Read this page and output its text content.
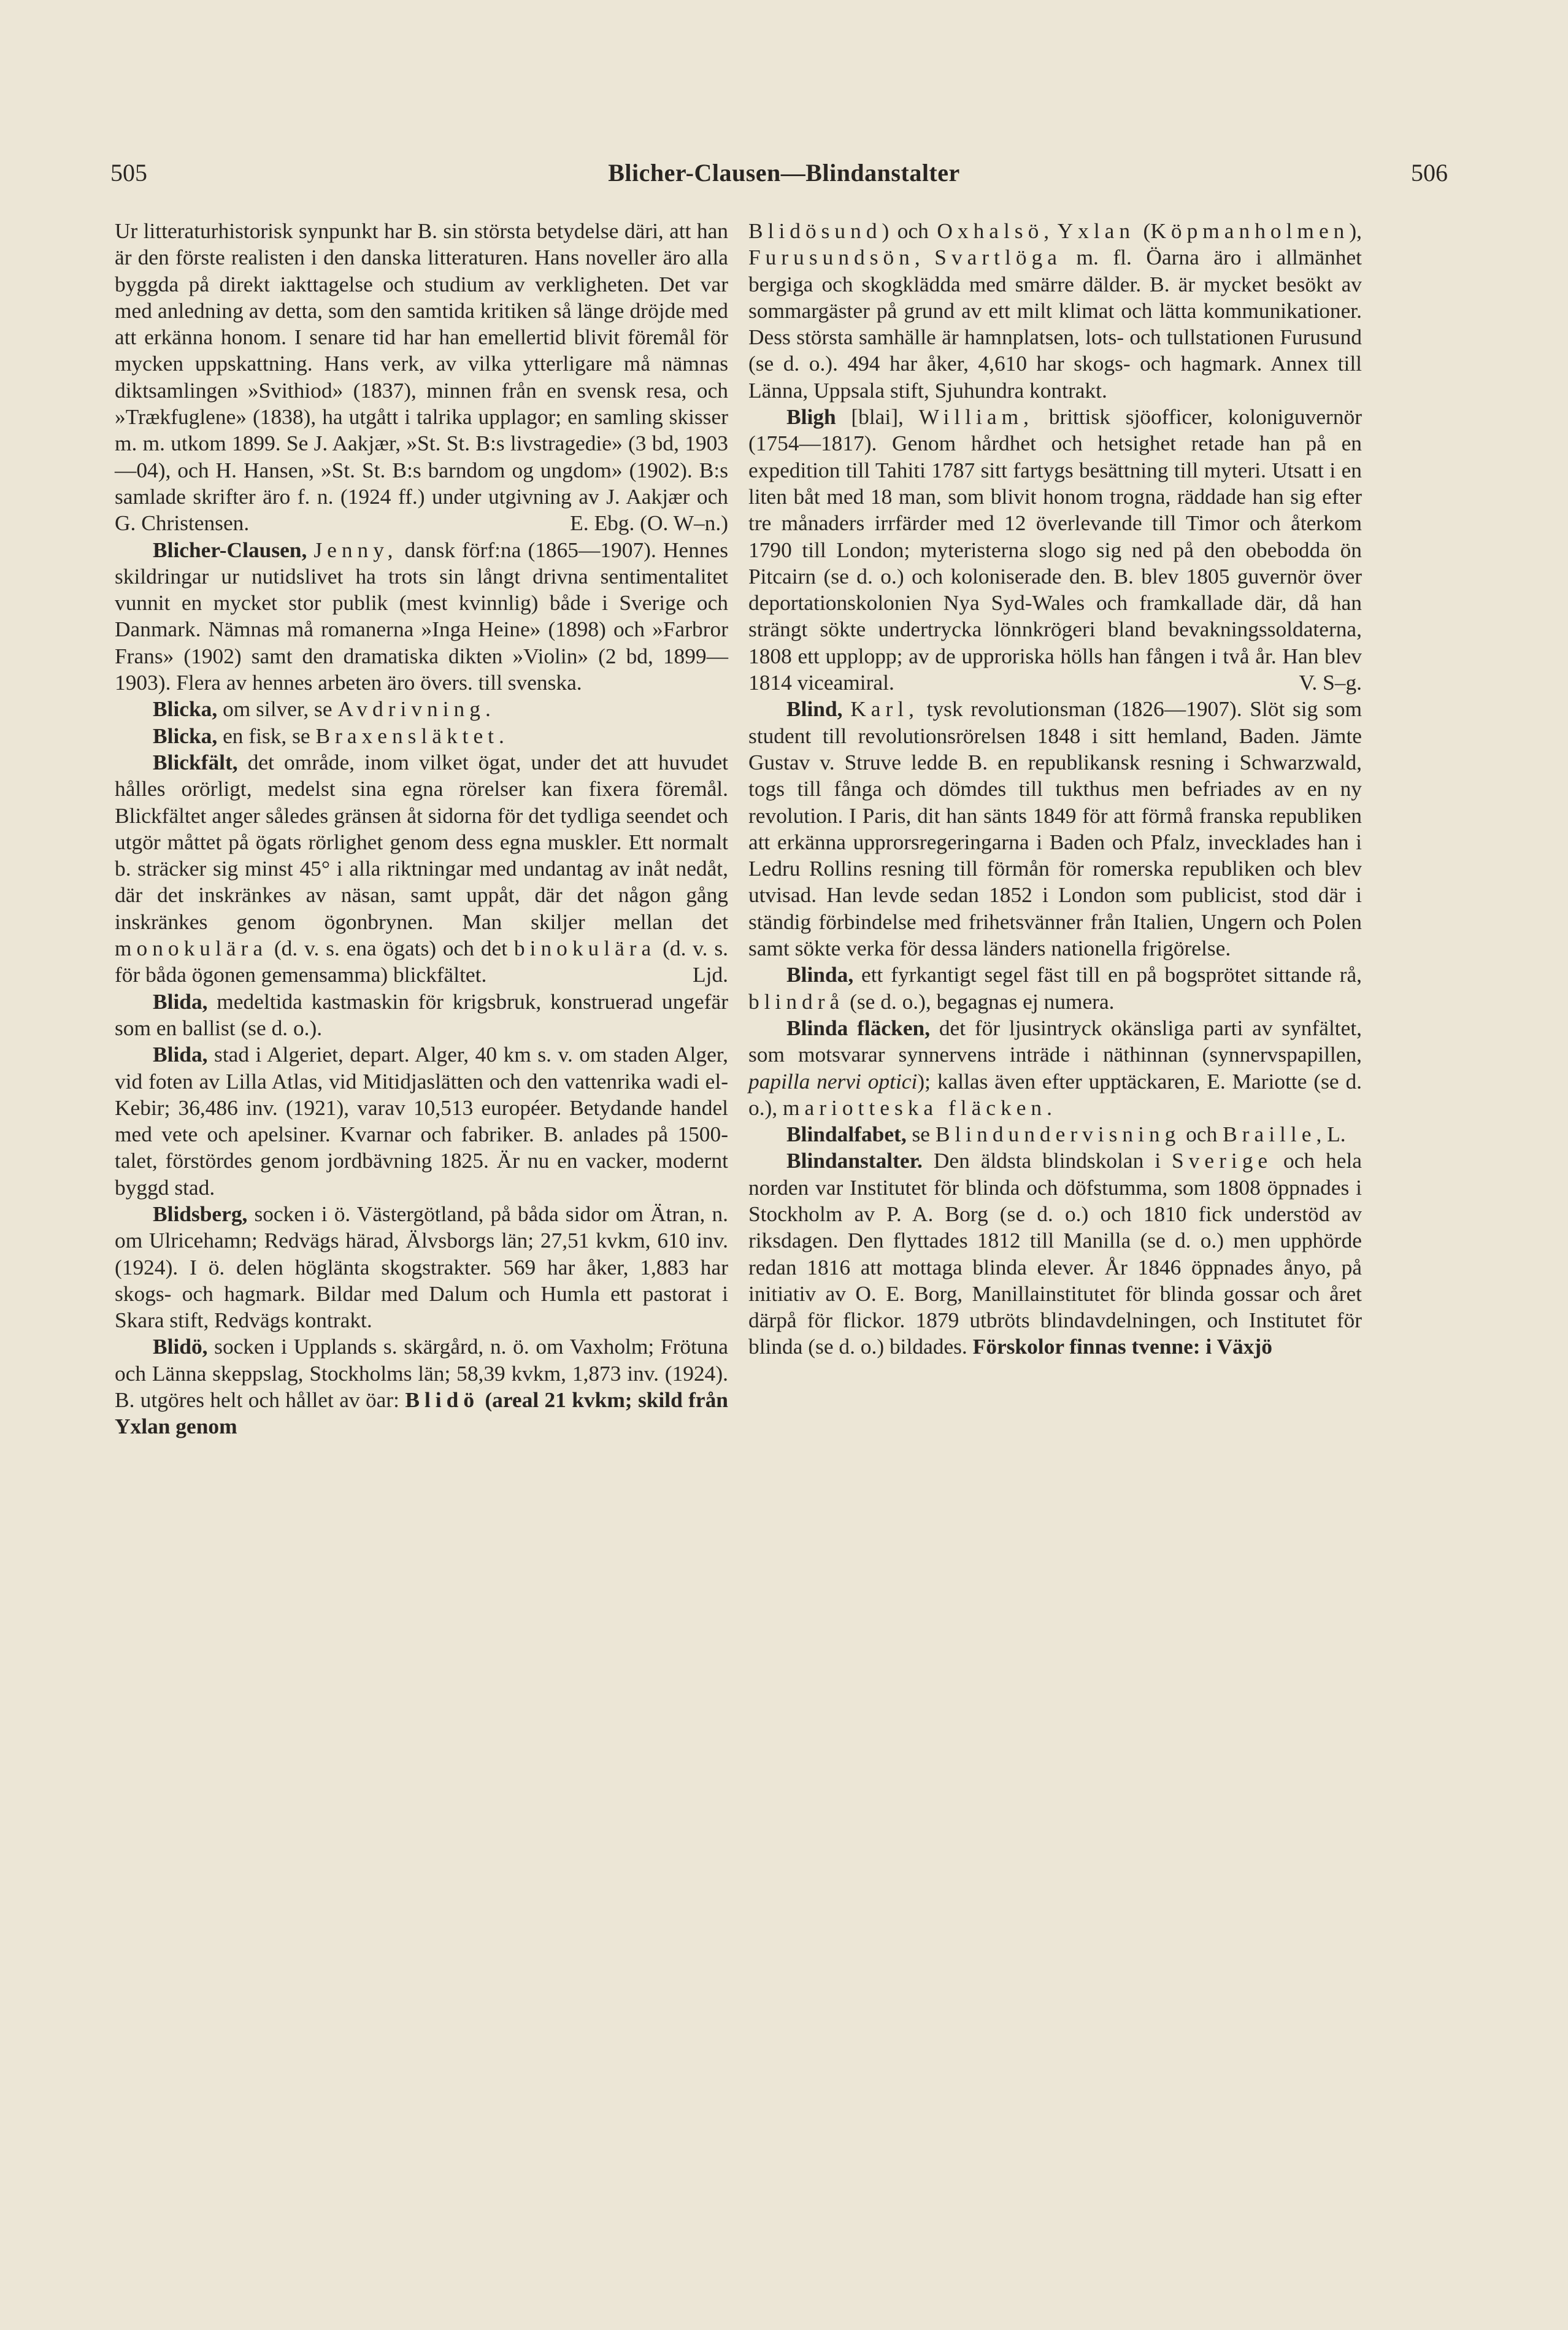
505	Blicher-Clausen—Blindanstalter	506

Ur litteraturhistorisk synpunkt har B. sin största betydelse däri, att han är den förste realisten i den danska litteraturen. Hans noveller äro alla byggda på direkt iakttagelse och studium av verkligheten. Det var med anledning av detta, som den samtida kritiken så länge dröjde med att erkänna honom. I senare tid har han emellertid blivit föremål för mycken uppskattning. Hans verk, av vilka ytterligare må nämnas diktsamlingen »Svithiod» (1837), minnen från en svensk resa, och »Trækfuglene» (1838), ha utgått i talrika upplagor; en samling skisser m. m. utkom 1899. Se J. Aakjær, »St. St. B:s livstragedie» (3 bd, 1903—04), och H. Hansen, »St. St. B:s barndom og ungdom» (1902). B:s samlade skrifter äro f. n. (1924 ff.) under utgivning av J. Aakjær och G. Christensen.	E. Ebg. (O. W–n.)

Blicher-Clausen, Jenny, dansk förf:na (1865—1907). Hennes skildringar ur nutidslivet ha trots sin långt drivna sentimentalitet vunnit en mycket stor publik (mest kvinnlig) både i Sverige och Danmark. Nämnas må romanerna »Inga Heine» (1898) och »Farbror Frans» (1902) samt den dramatiska dikten »Violin» (2 bd, 1899—1903). Flera av hennes arbeten äro övers. till svenska.

Blicka, om silver, se Avdrivning.

Blicka, en fisk, se Braxensläktet.

Blickfält, det område, inom vilket ögat, under det att huvudet hålles orörligt, medelst sina egna rörelser kan fixera föremål. Blickfältet anger således gränsen åt sidorna för det tydliga seendet och utgör måttet på ögats rörlighet genom dess egna muskler. Ett normalt b. sträcker sig minst 45° i alla riktningar med undantag av inåt nedåt, där det inskränkes av näsan, samt uppåt, där det någon gång inskränkes genom ögonbrynen. Man skiljer mellan det monokulära (d. v. s. ena ögats) och det binokulära (d. v. s. för båda ögonen gemensamma) blickfältet.	Ljd.

Blida, medeltida kastmaskin för krigsbruk, konstruerad ungefär som en ballist (se d. o.).

Blida, stad i Algeriet, depart. Alger, 40 km s. v. om staden Alger, vid foten av Lilla Atlas, vid Mitidjaslätten och den vattenrika wadi el-Kebir; 36,486 inv. (1921), varav 10,513 européer. Betydande handel med vete och apelsiner. Kvarnar och fabriker. B. anlades på 1500-talet, förstördes genom jordbävning 1825. Är nu en vacker, modernt byggd stad.

Blidsberg, socken i ö. Västergötland, på båda sidor om Ätran, n. om Ulricehamn; Redvägs härad, Älvsborgs län; 27,51 kvkm, 610 inv. (1924). I ö. delen höglänta skogstrakter. 569 har åker, 1,883 har skogs- och hagmark. Bildar med Dalum och Humla ett pastorat i Skara stift, Redvägs kontrakt.

Blidö, socken i Upplands s. skärgård, n. ö. om Vaxholm; Frötuna och Länna skeppslag, Stockholms län; 58,39 kvkm, 1,873 inv. (1924). B. utgöres helt och hållet av öar: Blidö (areal 21 kvkm; skild från Yxlan genom

Blidösund) och Oxhalsö, Yxlan (Köpmanholmen), Furusundsön, Svartlöga m. fl. Öarna äro i allmänhet bergiga och skogklädda med smärre dälder. B. är mycket besökt av sommargäster på grund av ett milt klimat och lätta kommunikationer. Dess största samhälle är hamnplatsen, lots- och tullstationen Furusund (se d. o.). 494 har åker, 4,610 har skogs- och hagmark. Annex till Länna, Uppsala stift, Sjuhundra kontrakt.

Bligh [blai], William, brittisk sjöofficer, koloniguvernör (1754—1817). Genom hårdhet och hetsighet retade han på en expedition till Tahiti 1787 sitt fartygs besättning till myteri. Utsatt i en liten båt med 18 man, som blivit honom trogna, räddade han sig efter tre månaders irrfärder med 12 överlevande till Timor och återkom 1790 till London; myteristerna slogo sig ned på den obebodda ön Pitcairn (se d. o.) och koloniserade den. B. blev 1805 guvernör över deportationskolonien Nya Syd-Wales och framkallade där, då han strängt sökte undertrycka lönnkrögeri bland bevakningssoldaterna, 1808 ett upplopp; av de upproriska hölls han fången i två år. Han blev 1814 viceamiral.	V. S–g.

Blind, Karl, tysk revolutionsman (1826—1907). Slöt sig som student till revolutionsrörelsen 1848 i sitt hemland, Baden. Jämte Gustav v. Struve ledde B. en republikansk resning i Schwarzwald, togs till fånga och dömdes till tukthus men befriades av en ny revolution. I Paris, dit han sänts 1849 för att förmå franska republiken att erkänna upprorsregeringarna i Baden och Pfalz, invecklades han i Ledru Rollins resning till förmån för romerska republiken och blev utvisad. Han levde sedan 1852 i London som publicist, stod där i ständig förbindelse med frihetsvänner från Italien, Ungern och Polen samt sökte verka för dessa länders nationella frigörelse.

Blinda, ett fyrkantigt segel fäst till en på bogsprötet sittande rå, blindrå (se d. o.), begagnas ej numera.

Blinda fläcken, det för ljusintryck okänsliga parti av synfältet, som motsvarar synnervens inträde i näthinnan (synnervspapillen, papilla nervi optici); kallas även efter upptäckaren, E. Mariotte (se d. o.), mariotteska fläcken.

Blindalfabet, se Blindundervisning och Braille, L.

Blindanstalter. Den äldsta blindskolan i Sverige och hela norden var Institutet för blinda och döfstumma, som 1808 öppnades i Stockholm av P. A. Borg (se d. o.) och 1810 fick understöd av riksdagen. Den flyttades 1812 till Manilla (se d. o.) men upphörde redan 1816 att mottaga blinda elever. År 1846 öppnades ånyo, på initiativ av O. E. Borg, Manillainstitutet för blinda gossar och året därpå för flickor. 1879 utbröts blindavdelningen, och Institutet för blinda (se d. o.) bildades. Förskolor finnas tvenne: i Växjö
